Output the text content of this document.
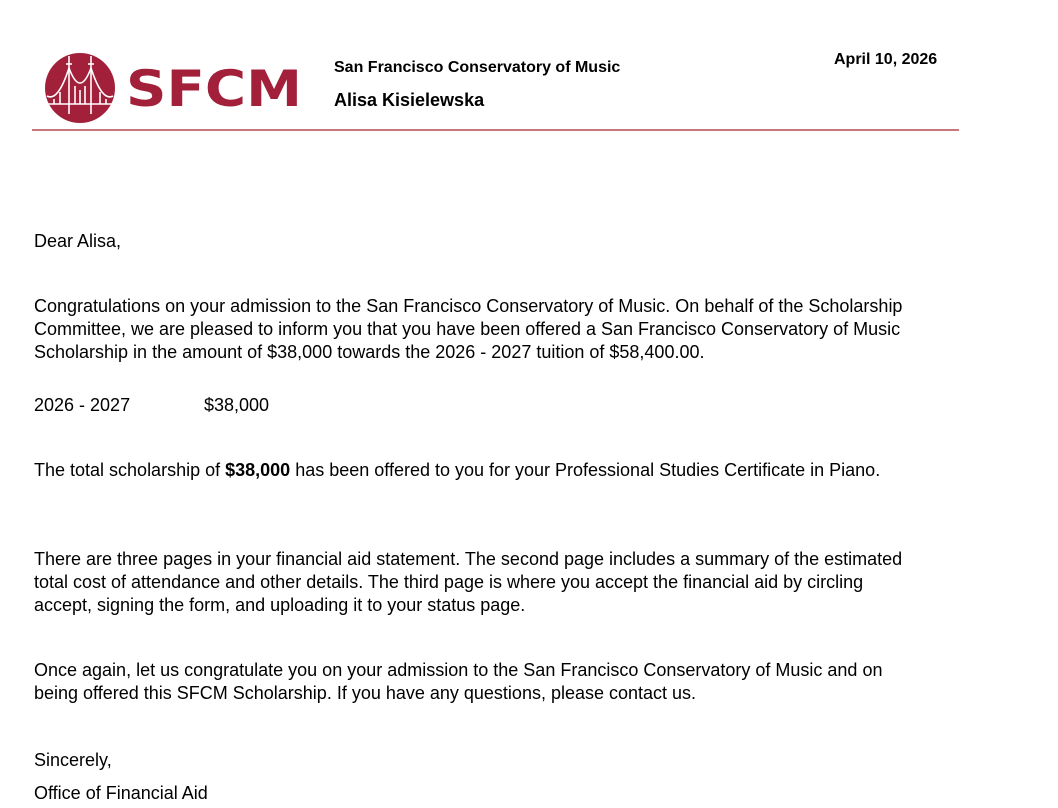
SFCM San Francisco Conservatory of Music
Alisa Kisielewska
April 10, 2026
Dear Alisa,
Congratulations on your admission to the San Francisco Conservatory of Music. On behalf of the Scholarship
Committee, we are pleased to inform you that you have been offered a San Francisco Conservatory of Music
Scholarship in the amount of $38,000 towards the 2026 - 2027 tuition of $58,400.00.
2026 - 2027	$38,000
The total scholarship of $38,000 has been offered to you for your Professional Studies Certificate in Piano.
There are three pages in your financial aid statement. The second page includes a summary of the estimated
total cost of attendance and other details. The third page is where you accept the financial aid by circling
accept, signing the form, and uploading it to your status page.
Once again, let us congratulate you on your admission to the San Francisco Conservatory of Music and on
being offered this SFCM Scholarship. If you have any questions, please contact us.
Sincerely,
Office of Financial Aid
